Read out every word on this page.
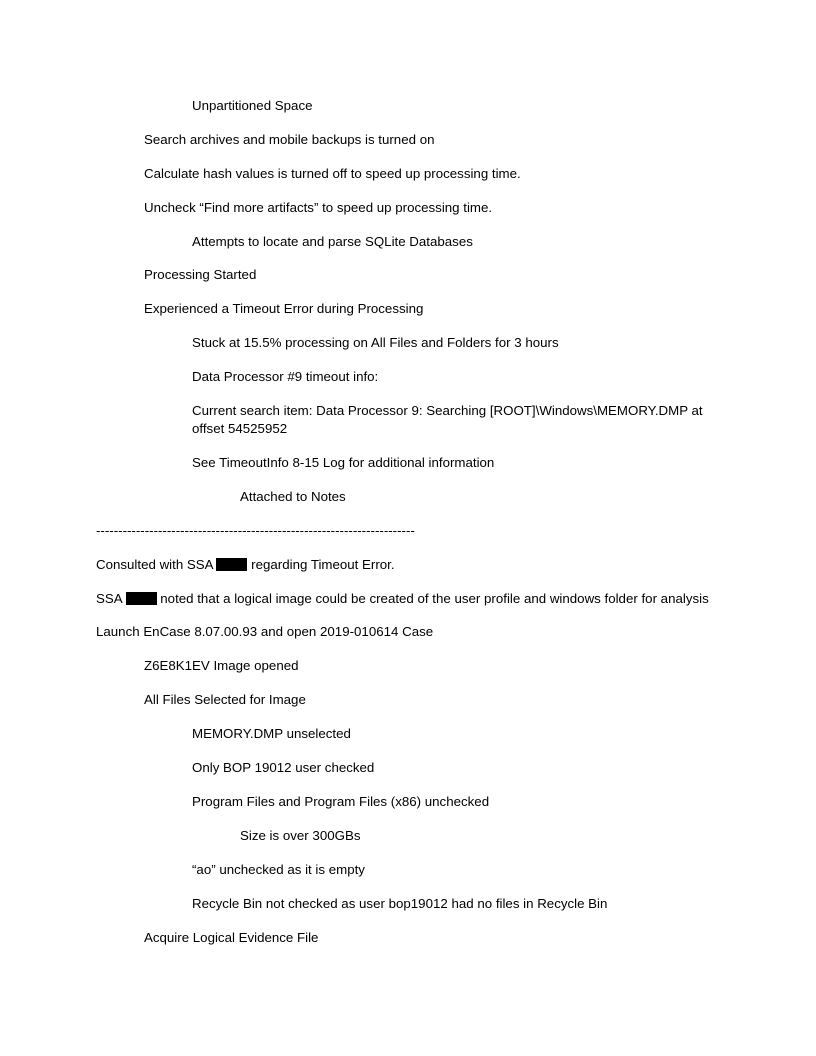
Unpartitioned Space
Search archives and mobile backups is turned on
Calculate hash values is turned off to speed up processing time.
Uncheck “Find more artifacts” to speed up processing time.
Attempts to locate and parse SQLite Databases
Processing Started
Experienced a Timeout Error during Processing
Stuck at 15.5% processing on All Files and Folders for 3 hours
Data Processor #9 timeout info:
Current search item: Data Processor 9: Searching [ROOT]\Windows\MEMORY.DMP at offset 54525952
See TimeoutInfo 8-15 Log for additional information
Attached to Notes
------------------------------------------------------------------------
Consulted with SSA  regarding Timeout Error.
SSA  noted that a logical image could be created of the user profile and windows folder for analysis
Launch EnCase 8.07.00.93 and open 2019-010614 Case
Z6E8K1EV Image opened
All Files Selected for Image
MEMORY.DMP unselected
Only BOP 19012 user checked
Program Files and Program Files (x86) unchecked
Size is over 300GBs
“ao” unchecked as it is empty
Recycle Bin not checked as user bop19012 had no files in Recycle Bin
Acquire Logical Evidence File
